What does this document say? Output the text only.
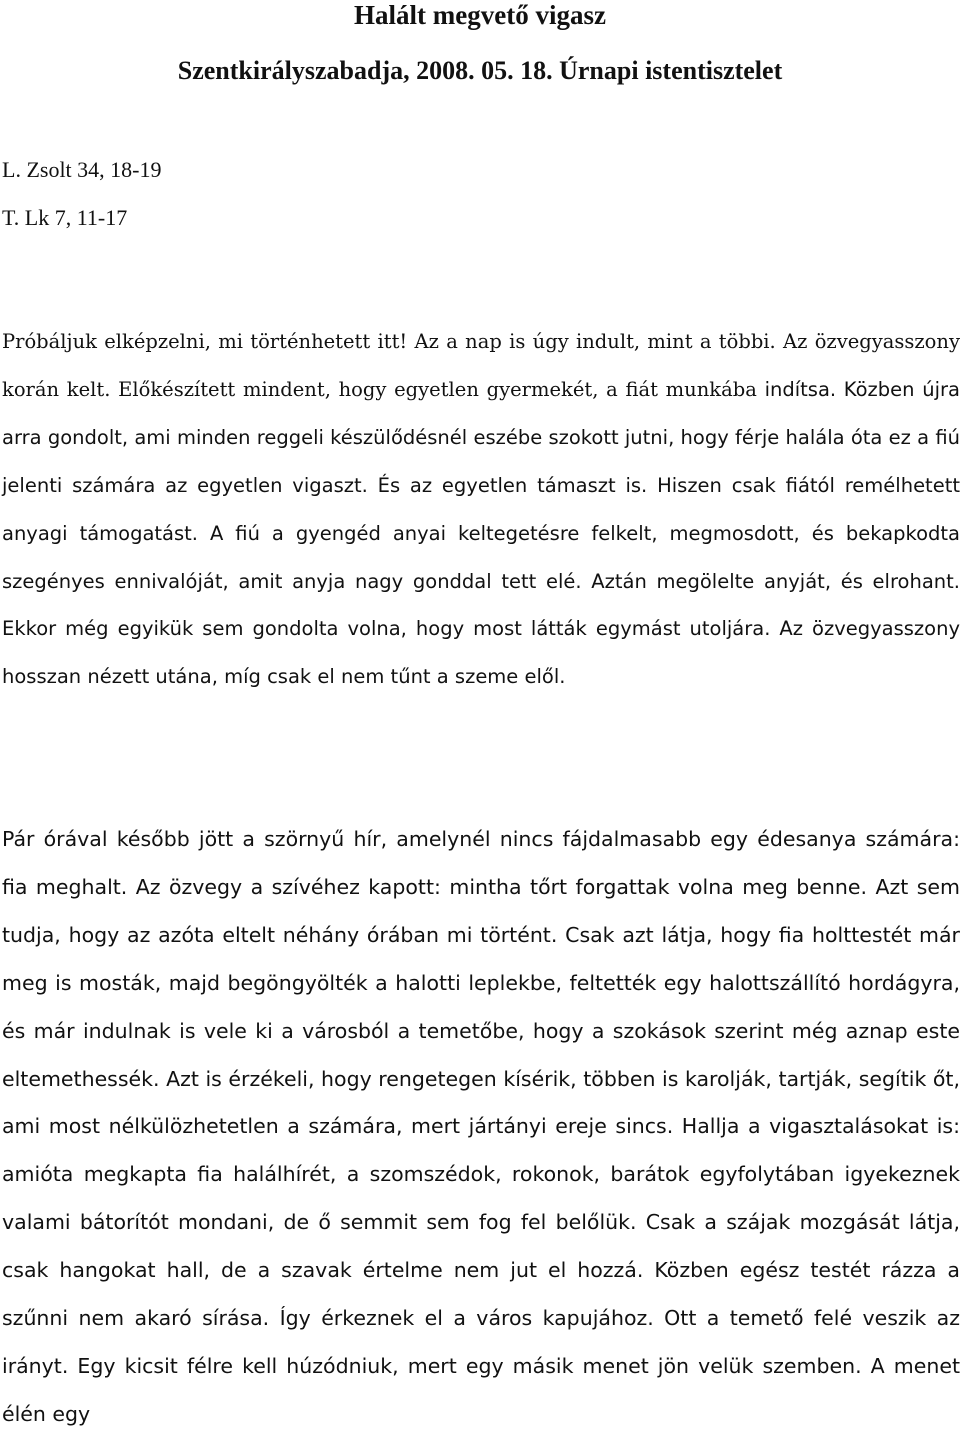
Halált megvető vigasz
Szentkirályszabadja, 2008. 05. 18. Úrnapi istentisztelet

L. Zsolt 34, 18-19

T. Lk 7, 11-17

Próbáljuk elképzelni, mi történhetett itt! Az a nap is úgy indult, mint a többi. Az özvegyasszony korán kelt. Előkészített mindent, hogy egyetlen gyermekét, a fiát munkába indítsa. Közben újra arra gondolt, ami minden reggeli készülődésnél eszébe szokott jutni, hogy férje halála óta ez a fiú jelenti számára az egyetlen vigaszt. És az egyetlen támaszt is. Hiszen csak fiától remélhetett anyagi támogatást. A fiú a gyengéd anyai keltegetésre felkelt, megmosdott, és bekapkodta szegényes ennivalóját, amit anyja nagy gonddal tett elé. Aztán megölelte anyját, és elrohant. Ekkor még egyikük sem gondolta volna, hogy most látták egymást utoljára. Az özvegyasszony hosszan nézett utána, míg csak el nem tűnt a szeme elől.

Pár órával később jött a szörnyű hír, amelynél nincs fájdalmasabb egy édesanya számára: fia meghalt. Az özvegy a szívéhez kapott: mintha tőrt forgattak volna meg benne. Azt sem tudja, hogy az azóta eltelt néhány órában mi történt. Csak azt látja, hogy fia holttestét már meg is mosták, majd begöngyölték a halotti leplekbe, feltették egy halottszállító hordágyra, és már indulnak is vele ki a városból a temetőbe, hogy a szokások szerint még aznap este eltemethessék. Azt is érzékeli, hogy rengetegen kísérik, többen is karolják, tartják, segítik őt, ami most nélkülözhetetlen a számára, mert jártányi ereje sincs. Hallja a vigasztalásokat is: amióta megkapta fia halálhírét, a szomszédok, rokonok, barátok egyfolytában igyekeznek valami bátorítót mondani, de ő semmit sem fog fel belőlük. Csak a szájak mozgását látja, csak hangokat hall, de a szavak értelme nem jut el hozzá. Közben egész testét rázza a szűnni nem akaró sírása. Így érkeznek el a város kapujához. Ott a temető felé veszik az irányt. Egy kicsit félre kell húzódniuk, mert egy másik menet jön velük szemben. A menet élén egy
